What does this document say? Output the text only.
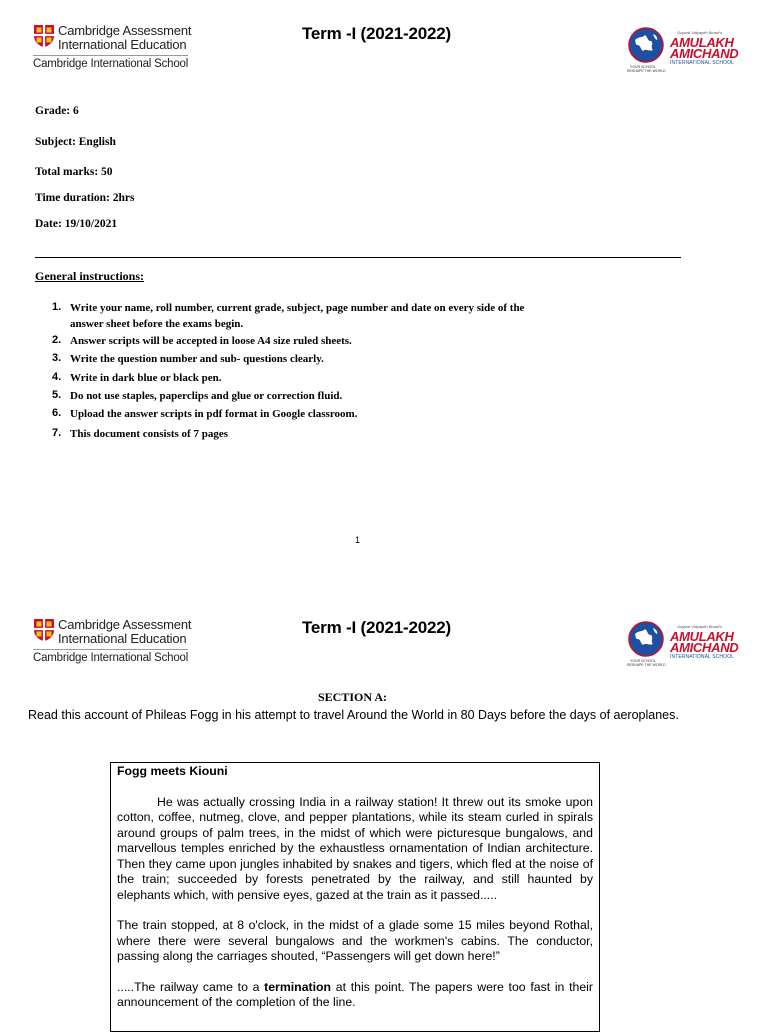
Cambridge Assessment
International Education
Cambridge International School
Term -I (2021-2022)	Gujarat Vidyapith Board's
AMULAKH
AMICHAND
INTERNATIONAL SCHOOL
YOUR SCHOOL
RESHAPE THE WORLD
Grade: 6
Subject: English
Total marks: 50
Time duration: 2hrs
Date: 19/10/2021
General instructions:
1. Write your name, roll number, current grade, subject, page number and date on every side of the
answer sheet before the exams begin.
2. Answer scripts will be accepted in loose A4 size ruled sheets.
3. Write the question number and sub- questions clearly.
4. Write in dark blue or black pen.
5. Do not use staples, paperclips and glue or correction fluid.
6. Upload the answer scripts in pdf format in Google classroom.
7. This document consists of 7 pages
1
Cambridge Assessment
International Education
Cambridge International School
Term -I (2021-2022)	Gujarat Vidyapith Board's
AMULAKH
AMICHAND
INTERNATIONAL SCHOOL
YOUR SCHOOL
RESHAPE THE WORLD
SECTION A:
Read this account of Phileas Fogg in his attempt to travel Around the World in 80 Days before the days of aeroplanes.
Fogg meets Kiouni

He was actually crossing India in a railway station! It threw out its smoke upon cotton, coffee, nutmeg, clove, and pepper plantations, while its steam curled in spirals around groups of palm trees, in the midst of which were picturesque bungalows, and marvellous temples enriched by the exhaustless ornamentation of Indian architecture. Then they came upon jungles inhabited by snakes and tigers, which fled at the noise of the train; succeeded by forests penetrated by the railway, and still haunted by elephants which, with pensive eyes, gazed at the train as it passed.....

The train stopped, at 8 o'clock, in the midst of a glade some 15 miles beyond Rothal, where there were several bungalows and the workmen's cabins. The conductor, passing along the carriages shouted, “Passengers will get down here!”

.....The railway came to a termination at this point. The papers were too fast in their announcement of the completion of the line.
